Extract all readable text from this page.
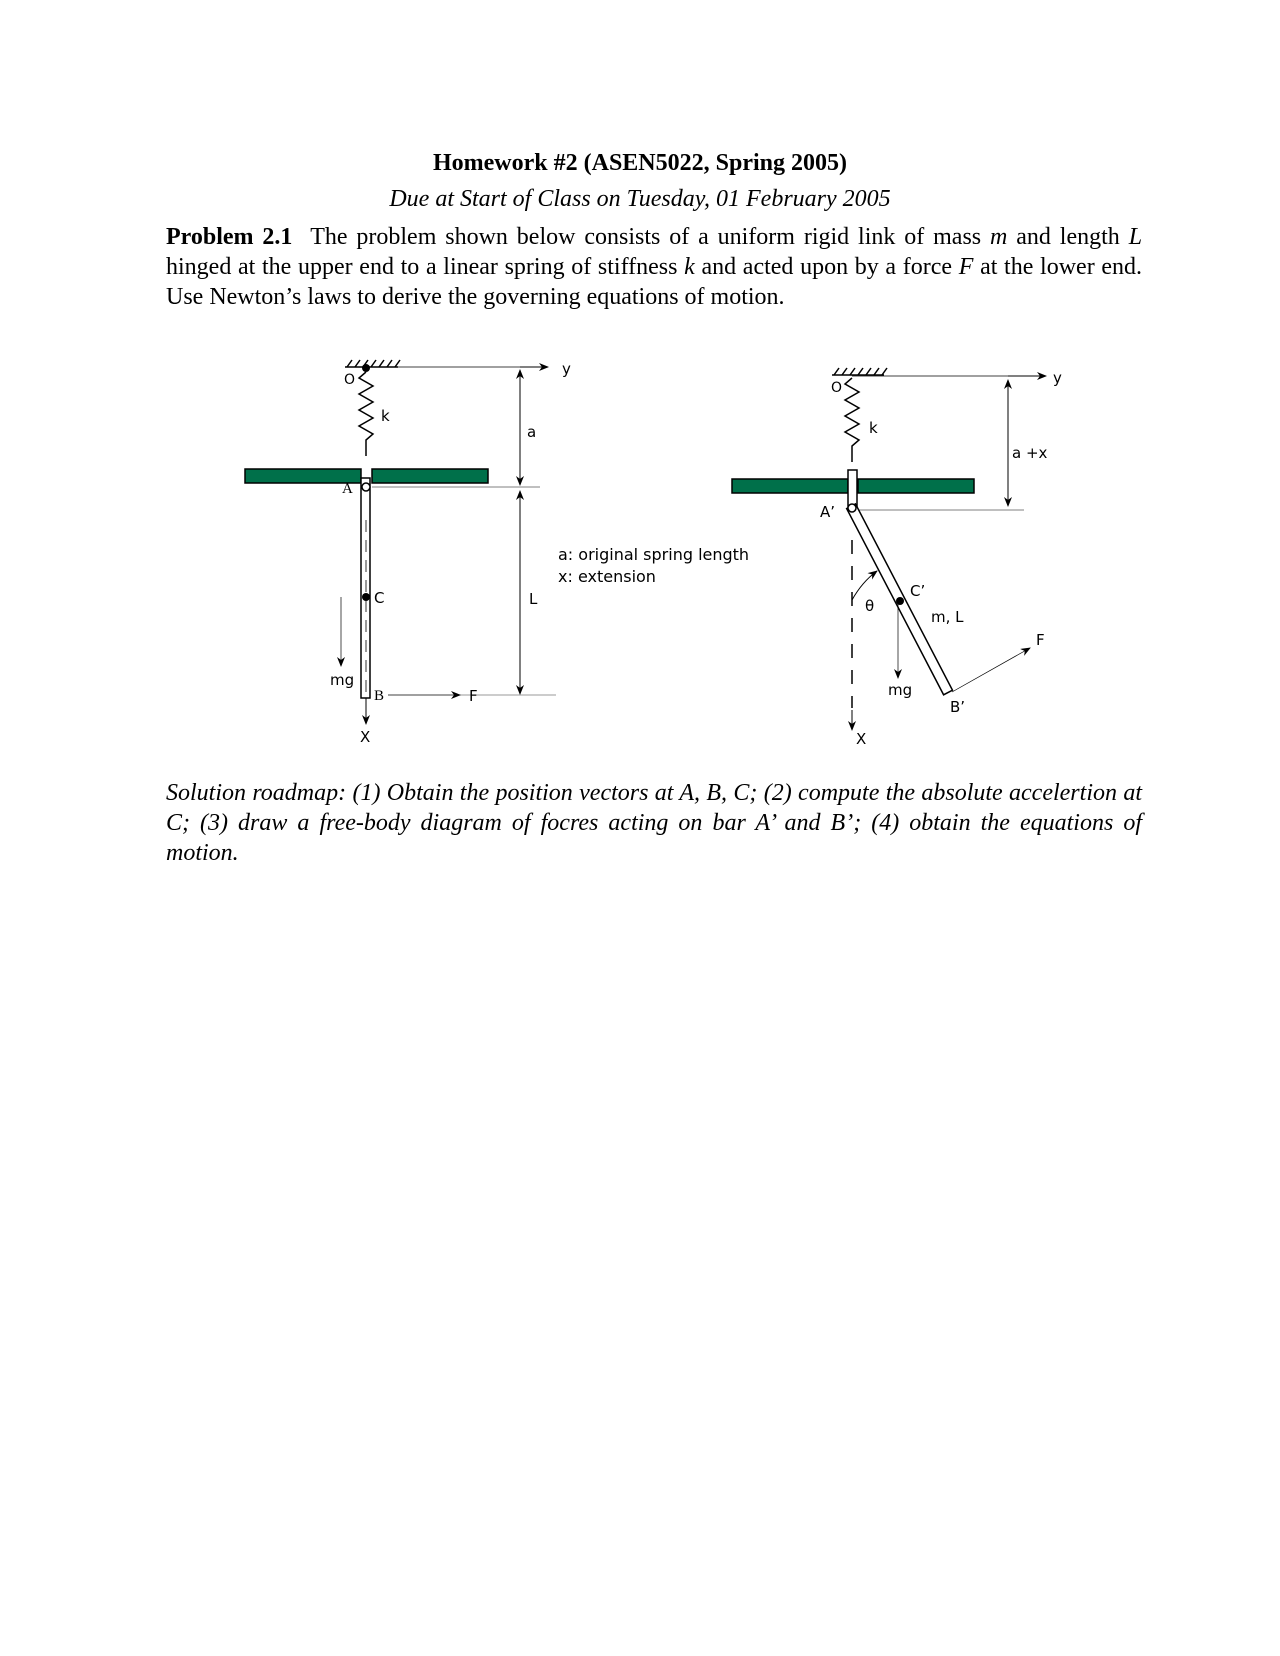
Homework #2 (ASEN5022, Spring 2005)
Due at Start of Class on Tuesday, 01 February 2005
Problem 2.1 The problem shown below consists of a uniform rigid link of mass m and length L hinged at the upper end to a linear spring of stiffness k and acted upon by a force F at the lower end. Use Newton’s laws to derive the governing equations of motion.
y
O
k
A
a
L
C
mg
B	F
X
a: original spring length
x: extension
y
O
k
a +x
A’
θ
C’
m, L
mg
F
B’
X
Solution roadmap: (1) Obtain the position vectors at A, B, C; (2) compute the absolute accelertion at C; (3) draw a free-body diagram of focres acting on bar A’ and B’; (4) obtain the equations of motion.
